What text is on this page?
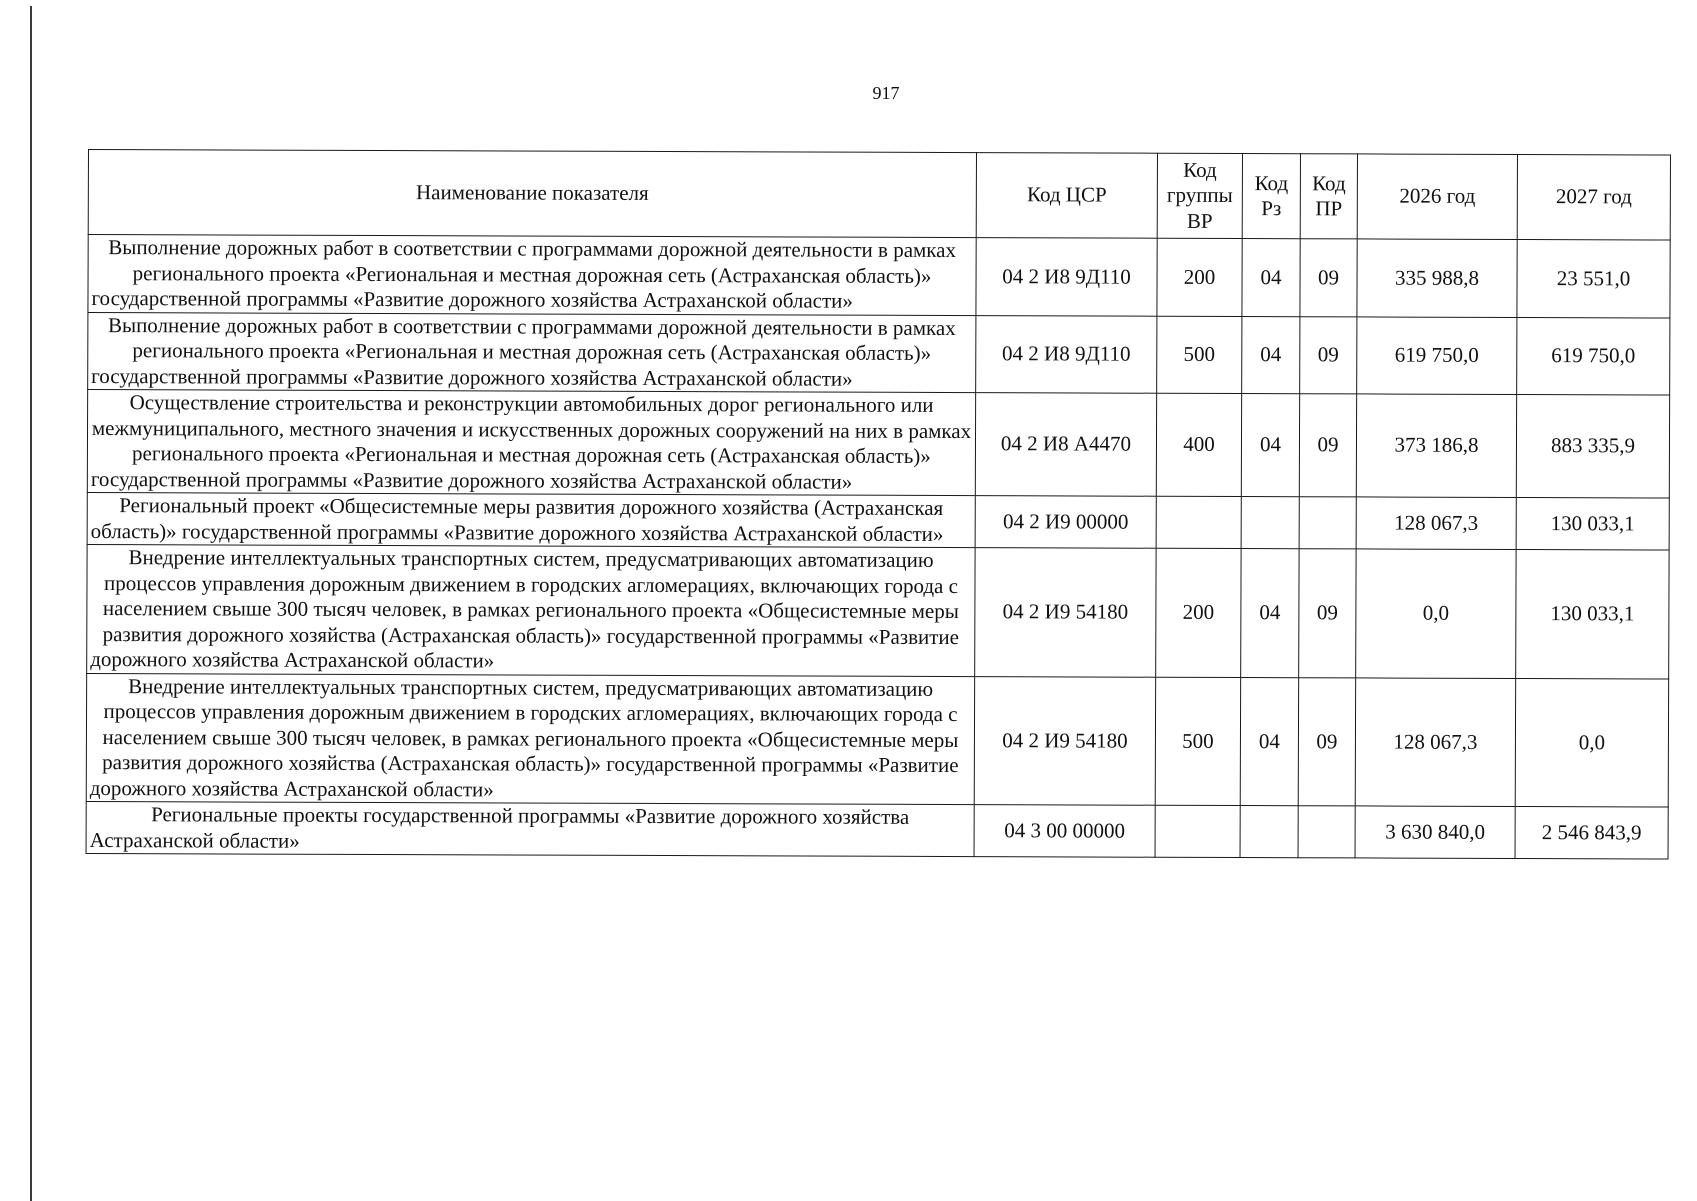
917
Наименование показателя	Код ЦСР	Код группы ВР	Код Рз	Код ПР	2026 год	2027 год
Выполнение дорожных работ в соответствии с программами дорожной деятельности в рамках регионального проекта «Региональная и местная дорожная сеть (Астраханская область)» государственной программы «Развитие дорожного хозяйства Астраханской области»	04 2 И8 9Д110	200	04	09	335 988,8	23 551,0
Выполнение дорожных работ в соответствии с программами дорожной деятельности в рамках регионального проекта «Региональная и местная дорожная сеть (Астраханская область)» государственной программы «Развитие дорожного хозяйства Астраханской области»	04 2 И8 9Д110	500	04	09	619 750,0	619 750,0
Осуществление строительства и реконструкции автомобильных дорог регионального или межмуниципального, местного значения и искусственных дорожных сооружений на них в рамках регионального проекта «Региональная и местная дорожная сеть (Астраханская область)» государственной программы «Развитие дорожного хозяйства Астраханской области»	04 2 И8 А4470	400	04	09	373 186,8	883 335,9
Региональный проект «Общесистемные меры развития дорожного хозяйства (Астраханская область)» государственной программы «Развитие дорожного хозяйства Астраханской области»	04 2 И9 00000				128 067,3	130 033,1
Внедрение интеллектуальных транспортных систем, предусматривающих автоматизацию процессов управления дорожным движением в городских агломерациях, включающих города с населением свыше 300 тысяч человек, в рамках регионального проекта «Общесистемные меры развития дорожного хозяйства (Астраханская область)» государственной программы «Развитие дорожного хозяйства Астраханской области»	04 2 И9 54180	200	04	09	0,0	130 033,1
Внедрение интеллектуальных транспортных систем, предусматривающих автоматизацию процессов управления дорожным движением в городских агломерациях, включающих города с населением свыше 300 тысяч человек, в рамках регионального проекта «Общесистемные меры развития дорожного хозяйства (Астраханская область)» государственной программы «Развитие дорожного хозяйства Астраханской области»	04 2 И9 54180	500	04	09	128 067,3	0,0
Региональные проекты государственной программы «Развитие дорожного хозяйства Астраханской области»	04 3 00 00000				3 630 840,0	2 546 843,9
